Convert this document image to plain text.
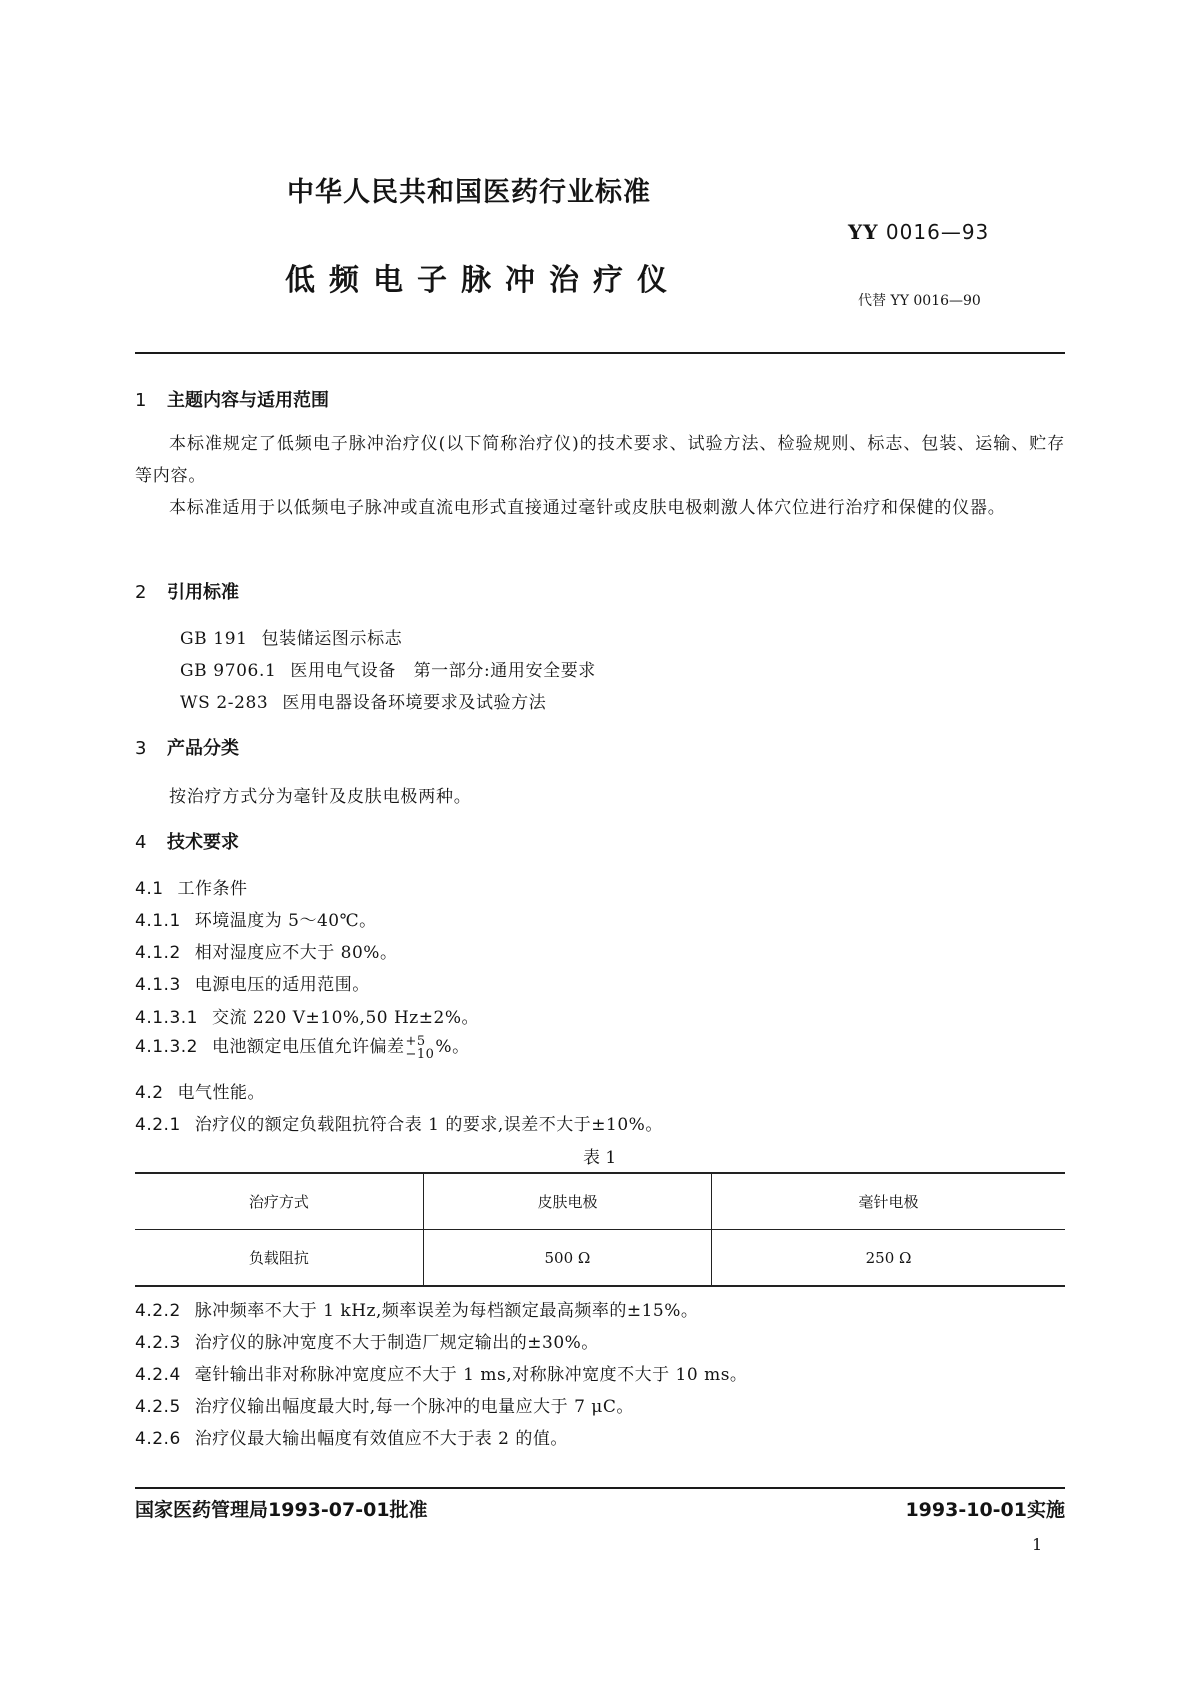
中华人民共和国医药行业标准
YY 0016—93
低频电子脉冲治疗仪
代替 YY 0016—90
1 主题内容与适用范围
本标准规定了低频电子脉冲治疗仪(以下简称治疗仪)的技术要求、试验方法、检验规则、标志、包装、运输、贮存等内容。
本标准适用于以低频电子脉冲或直流电形式直接通过毫针或皮肤电极刺激人体穴位进行治疗和保健的仪器。
2 引用标准
GB 191 包装储运图示标志
GB 9706.1 医用电气设备　第一部分:通用安全要求
WS 2-283 医用电器设备环境要求及试验方法
3 产品分类
按治疗方式分为毫针及皮肤电极两种。
4 技术要求
4.1 工作条件
4.1.1 环境温度为 5～40℃。
4.1.2 相对湿度应不大于 80%。
4.1.3 电源电压的适用范围。
4.1.3.1 交流 220 V±10%,50 Hz±2%。
4.1.3.2 电池额定电压值允许偏差 +5
−10 %。
4.2 电气性能。
4.2.1 治疗仪的额定负载阻抗符合表 1 的要求,误差不大于±10%。
表 1
治疗方式	皮肤电极	毫针电极
负载阻抗	500 Ω	250 Ω
4.2.2 脉冲频率不大于 1 kHz,频率误差为每档额定最高频率的±15%。
4.2.3 治疗仪的脉冲宽度不大于制造厂规定输出的±30%。
4.2.4 毫针输出非对称脉冲宽度应不大于 1 ms,对称脉冲宽度不大于 10 ms。
4.2.5 治疗仪输出幅度最大时,每一个脉冲的电量应大于 7 μC。
4.2.6 治疗仪最大输出幅度有效值应不大于表 2 的值。
国家医药管理局1993-07-01批准	1993-10-01实施
1
